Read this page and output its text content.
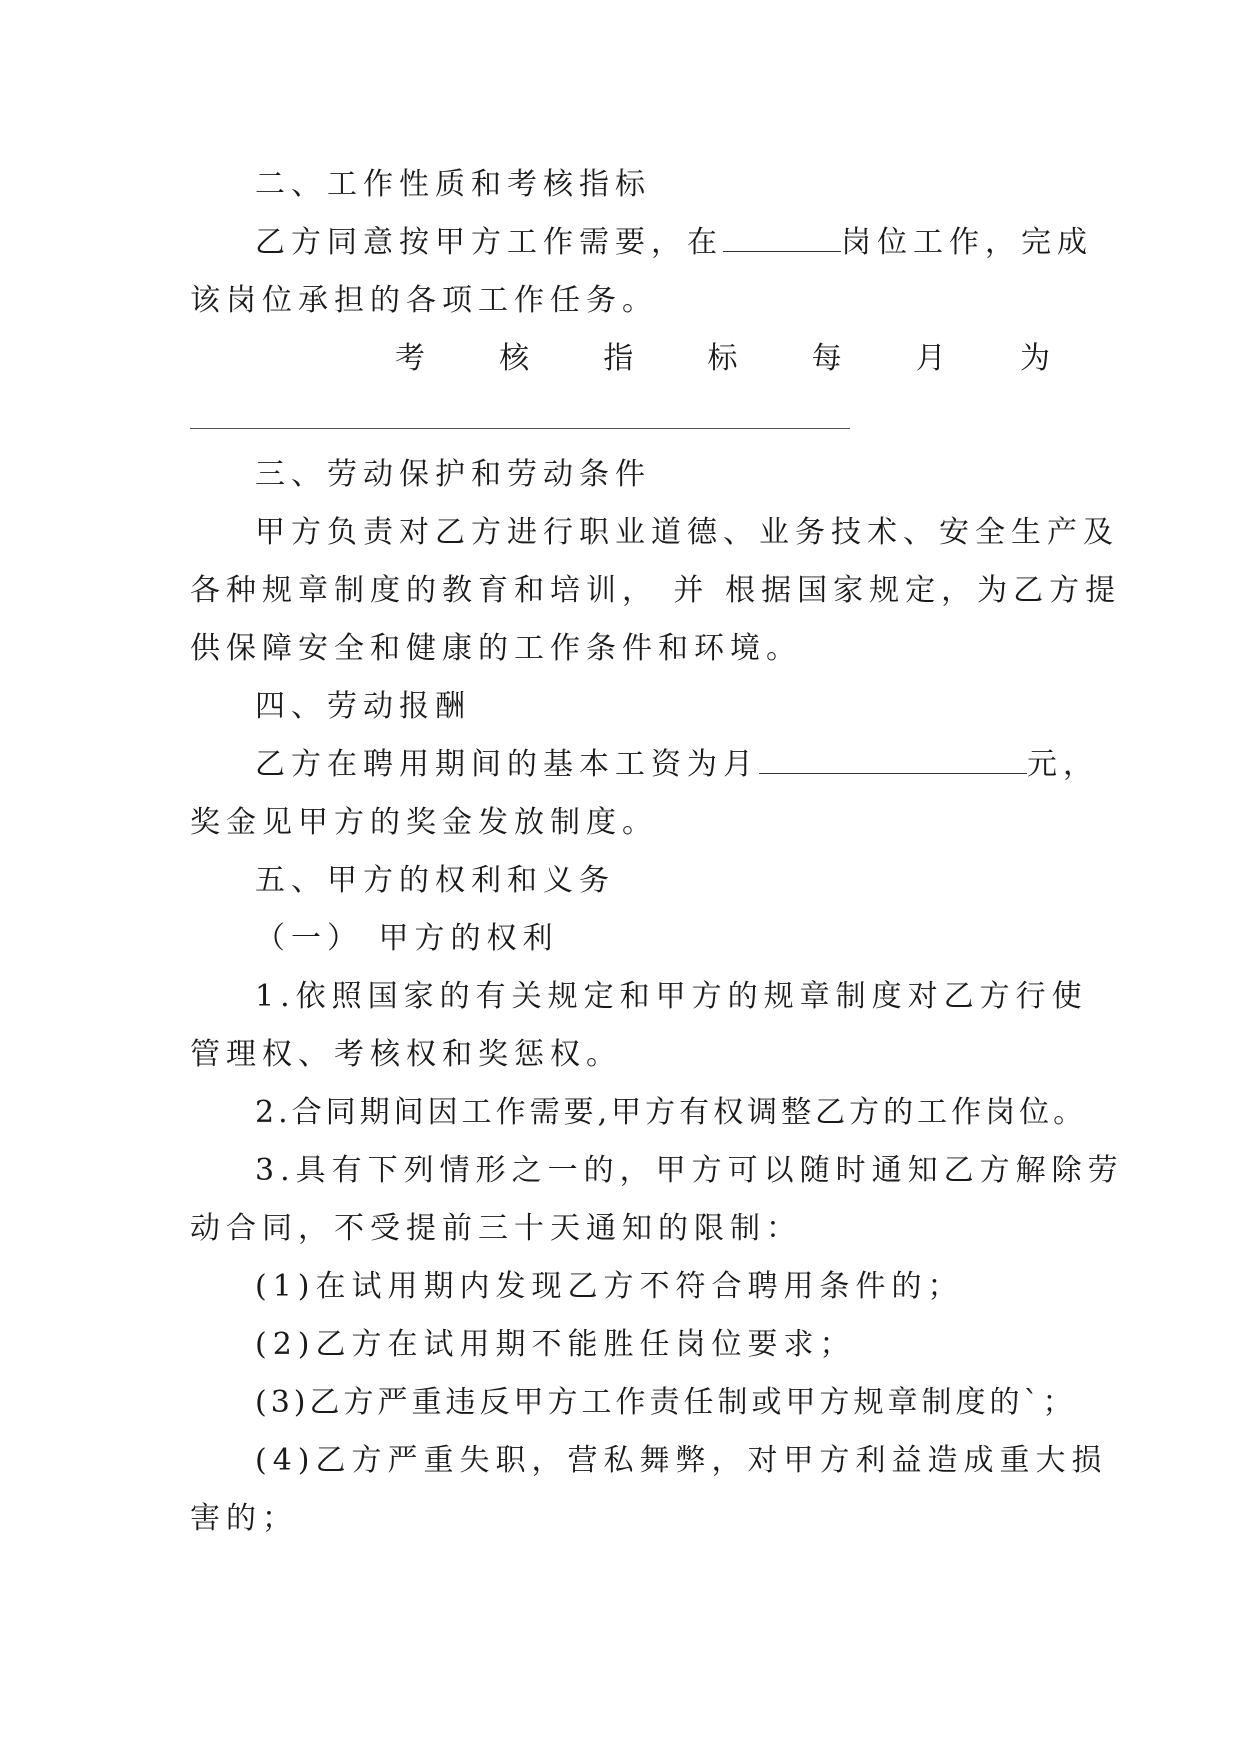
二、工作性质和考核指标
乙方同意按甲方工作需要，在	岗位工作，完成
该岗位承担的各项工作任务。
考 核 指 标 每 月 为
三、劳动保护和劳动条件
甲方负责对乙方进行职业道德、业务技术、安全生产及
各种规章制度的教育和培训， 并 根据国家规定，为乙方提
供保障安全和健康的工作条件和环境。
四、劳动报酬
乙方在聘用期间的基本工资为月	元，
奖金见甲方的奖金发放制度。
五、甲方的权利和义务
（一） 甲方的权利
1.依照国家的有关规定和甲方的规章制度对乙方行使
管理权、考核权和奖惩权。
2.合同期间因工作需要,甲方有权调整乙方的工作岗位。
3.具有下列情形之一的，甲方可以随时通知乙方解除劳
动合同，不受提前三十天通知的限制：
(1)在试用期内发现乙方不符合聘用条件的；
(2)乙方在试用期不能胜任岗位要求；
(3)乙方严重违反甲方工作责任制或甲方规章制度的`；
(4)乙方严重失职，营私舞弊，对甲方利益造成重大损
害的；
